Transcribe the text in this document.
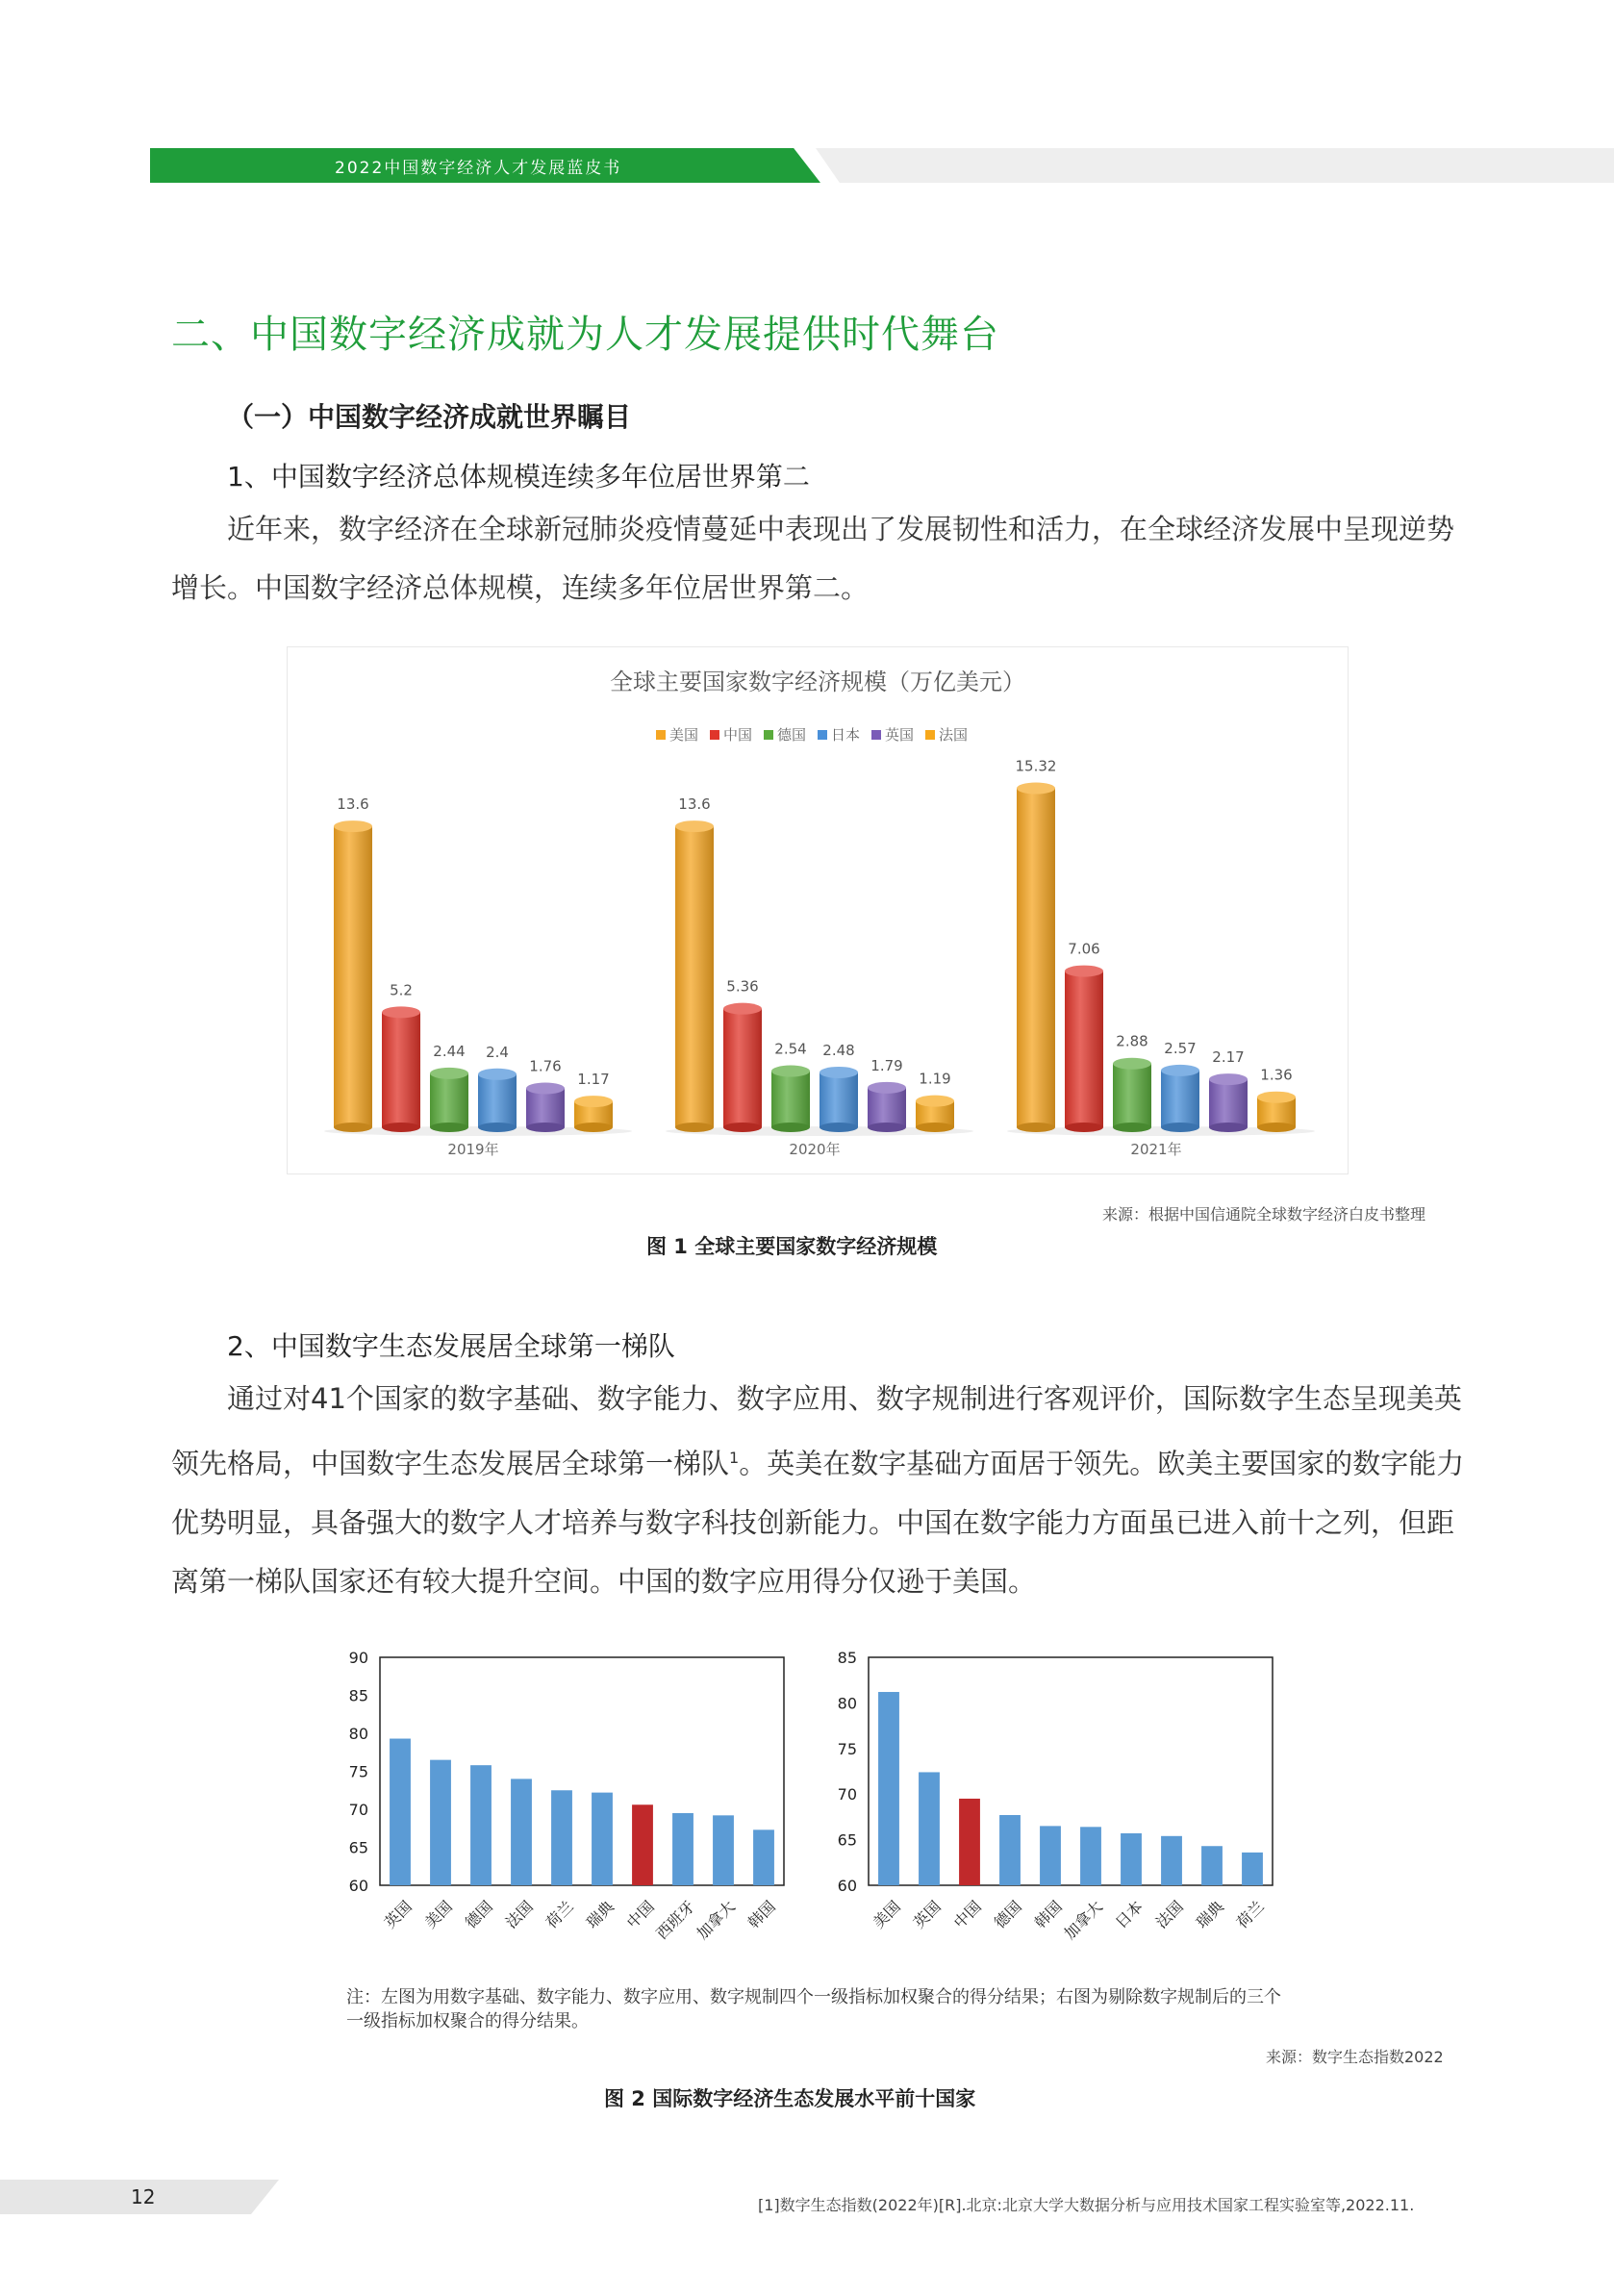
2022中国数字经济人才发展蓝皮书
二、中国数字经济成就为人才发展提供时代舞台
（一）中国数字经济成就世界瞩目
1、中国数字经济总体规模连续多年位居世界第二

近年来，数字经济在全球新冠肺炎疫情蔓延中表现出了发展韧性和活力，在全球经济发展中呈现逆势增长。中国数字经济总体规模，连续多年位居世界第二。

全球主要国家数字经济规模（万亿美元）
美国 中国 德国 日本 英国 法国
13.6
5.2
2.44 2.4
1.76
1.17
2019年
13.6
5.36
2.54 2.48
1.79
1.19
2020年
15.32
7.06
2.88 2.57
2.17
1.36
2021年
来源：根据中国信通院全球数字经济白皮书整理
图 1 全球主要国家数字经济规模
2、中国数字生态发展居全球第一梯队

通过对41个国家的数字基础、数字能力、数字应用、数字规制进行客观评价，国际数字生态呈现美英领先格局，中国数字生态发展居全球第一梯队$^1$。英美在数字基础方面居于领先。欧美主要国家的数字能力优势明显，具备强大的数字人才培养与数字科技创新能力。中国在数字能力方面虽已进入前十之列，但距离第一梯队国家还有较大提升空间。中国的数字应用得分仅逊于美国。

60
65
70
75
80
85
90
英国 美国 德国 法国 荷兰 瑞典 中国
西班牙
加拿大 韩国
60
65
70
75
80
85
美国 英国 中国 德国 韩国
加拿大 日本 法国 瑞典 荷兰
注：左图为用数字基础、数字能力、数字应用、数字规制四个一级指标加权聚合的得分结果；右图为剔除数字规制后的三个一级指标加权聚合的得分结果。
来源：数字生态指数2022
图 2 国际数字经济生态发展水平前十国家
12	[1]数字生态指数(2022年)[R].北京:北京大学大数据分析与应用技术国家工程实验室等,2022.11.
